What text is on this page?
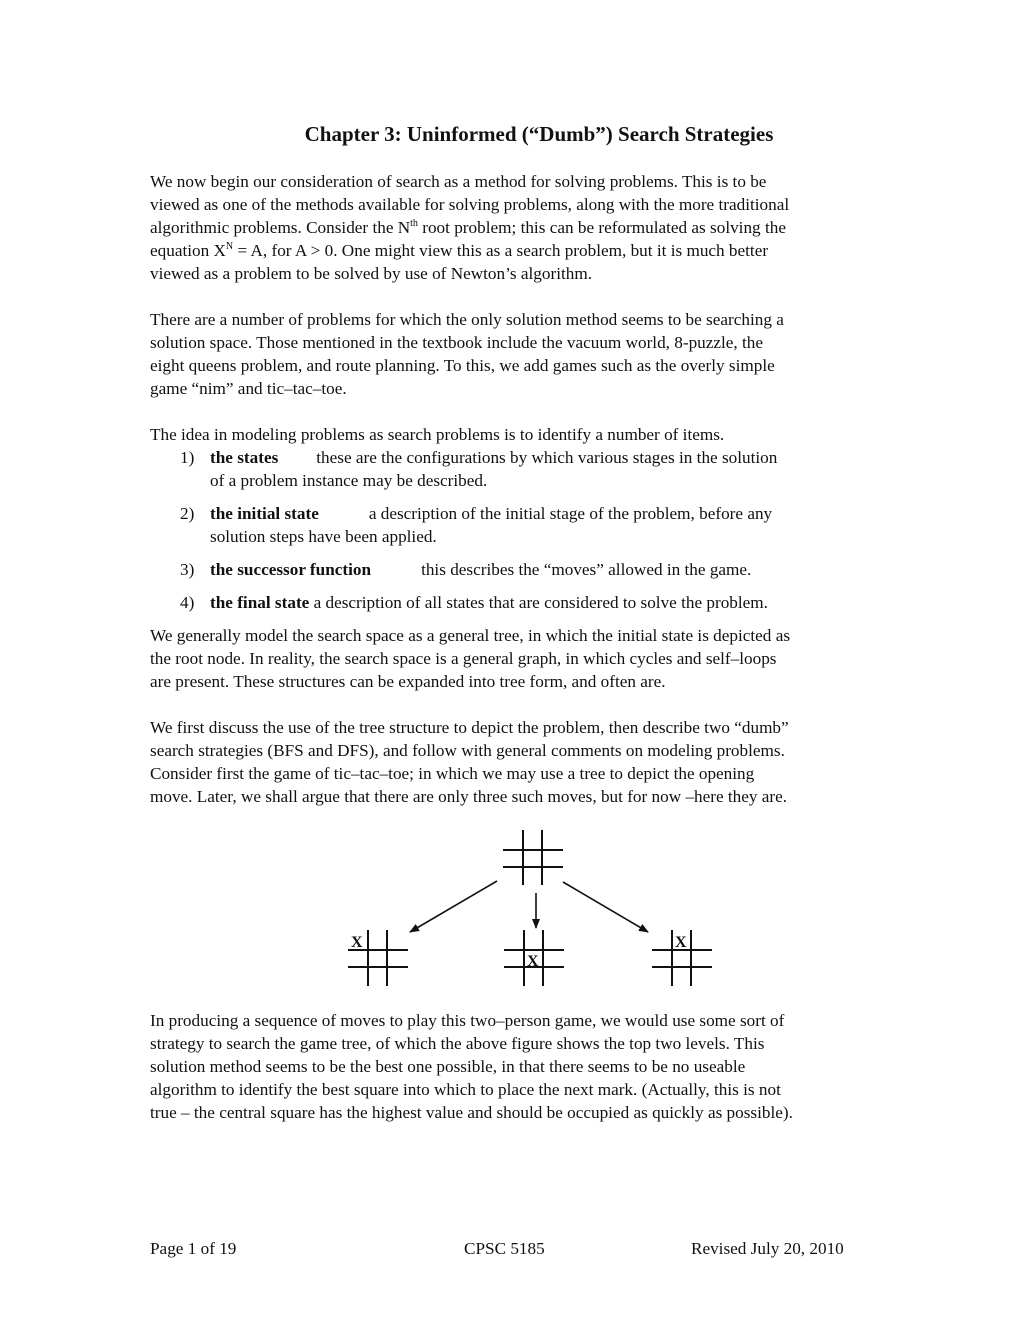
Chapter 3: Uninformed (“Dumb”) Search Strategies

We now begin our consideration of search as a method for solving problems. This is to be

viewed as one of the methods available for solving problems, along with the more traditional

algorithmic problems. Consider the $N^{th}$ root problem; this can be reformulated as solving the

equation $X^N = A$, for A > 0. One might view this as a search problem, but it is much better

viewed as a problem to be solved by use of Newton’s algorithm.

There are a number of problems for which the only solution method seems to be searching a

solution space. Those mentioned in the textbook include the vacuum world, 8-puzzle, the

eight queens problem, and route planning. To this, we add games such as the overly simple

game “nim” and tic–tac–toe.

The idea in modeling problems as search problems is to identify a number of items.

1) the states these are the configurations by which various stages in the solution
of a problem instance may be described.
2) the initial state	a description of the initial stage of the problem, before any
solution steps have been applied.
3) the successor function	this describes the “moves” allowed in the game.
4) the final state a description of all states that are considered to solve the problem.

We generally model the search space as a general tree, in which the initial state is depicted as

the root node. In reality, the search space is a general graph, in which cycles and self–loops

are present. These structures can be expanded into tree form, and often are.

We first discuss the use of the tree structure to depict the problem, then describe two “dumb”

search strategies (BFS and DFS), and follow with general comments on modeling problems.

Consider first the game of tic–tac–toe; in which we may use a tree to depict the opening

move. Later, we shall argue that there are only three such moves, but for now –here they are.

In producing a sequence of moves to play this two–person game, we would use some sort of

strategy to search the game tree, of which the above figure shows the top two levels. This

solution method seems to be the best one possible, in that there seems to be no useable

algorithm to identify the best square into which to place the next mark. (Actually, this is not

true – the central square has the highest value and should be occupied as quickly as possible).

X
X
X
Page 1 of 19	CPSC 5185	Revised July 20, 2010
